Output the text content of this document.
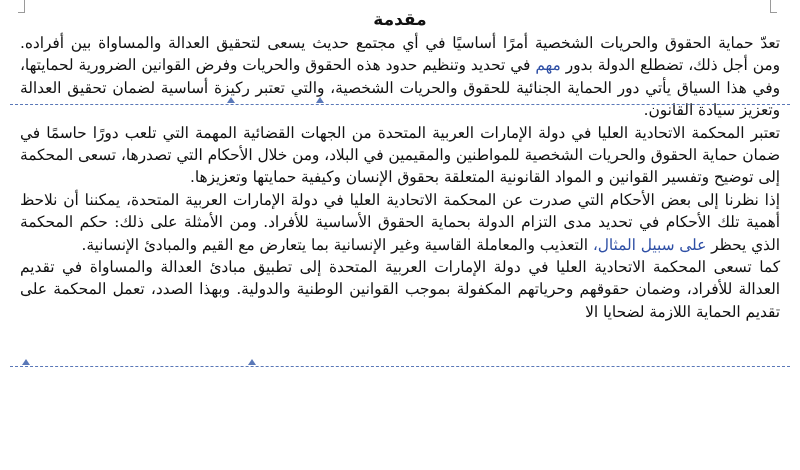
مقدمة

تعدّ حماية الحقوق والحريات الشخصية أمرًا أساسيًا في أي مجتمع حديث يسعى لتحقيق العدالة والمساواة بين أفراده. ومن أجل ذلك، تضطلع الدولة بدور مهم في تحديد وتنظيم حدود هذه الحقوق والحريات وفرض القوانين الضرورية لحمايتها، وفي هذا السياق يأتي دور الحماية الجنائية للحقوق والحريات الشخصية، والتي تعتبر ركيزة أساسية لضمان تحقيق العدالة وتعزيز سيادة القانون.

تعتبر المحكمة الاتحادية العليا في دولة الإمارات العربية المتحدة من الجهات القضائية المهمة التي تلعب دورًا حاسمًا في ضمان حماية الحقوق والحريات الشخصية للمواطنين والمقيمين في البلاد، ومن خلال الأحكام التي تصدرها، تسعى المحكمة إلى توضيح وتفسير القوانين و المواد القانونية المتعلقة بحقوق الإنسان وكيفية حمايتها وتعزيزها.

إذا نظرنا إلى بعض الأحكام التي صدرت عن المحكمة الاتحادية العليا في دولة الإمارات العربية المتحدة، يمكننا أن نلاحظ أهمية تلك الأحكام في تحديد مدى التزام الدولة بحماية الحقوق الأساسية للأفراد. ومن الأمثلة على ذلك: حكم المحكمة الذي يحظر على سبيل المثال، التعذيب والمعاملة القاسية وغير الإنسانية بما يتعارض مع القيم والمبادئ الإنسانية.

كما تسعى المحكمة الاتحادية العليا في دولة الإمارات العربية المتحدة إلى تطبيق مبادئ العدالة والمساواة في تقديم العدالة للأفراد، وضمان حقوقهم وحرياتهم المكفولة بموجب القوانين الوطنية والدولية. وبهذا الصدد، تعمل المحكمة على تقديم الحماية اللازمة لضحايا الا
